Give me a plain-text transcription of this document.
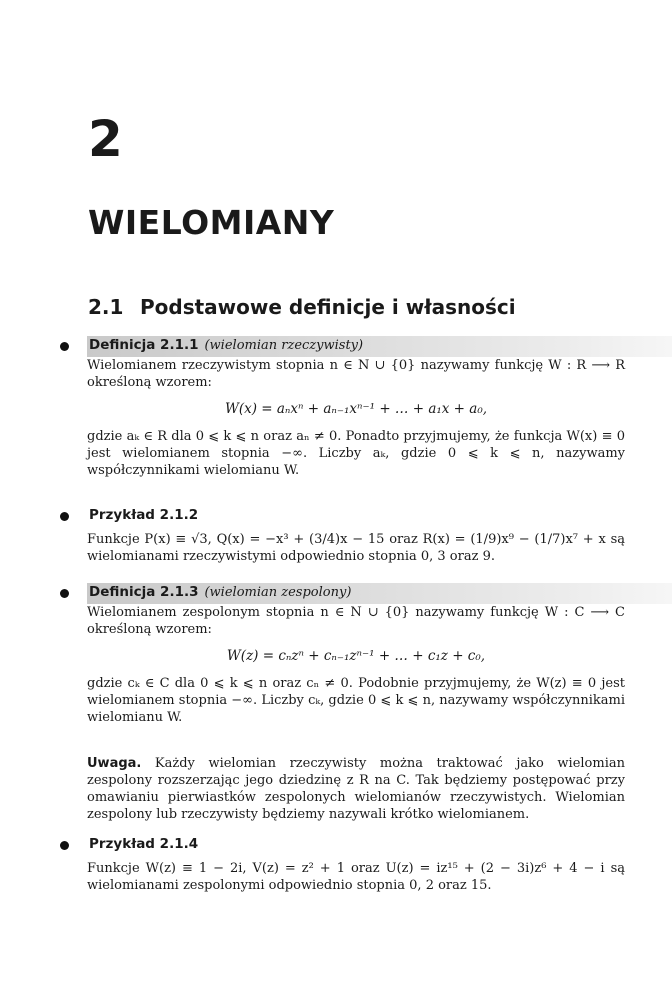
2
WIELOMIANY
2.1 Podstawowe definicje i własności
Definicja 2.1.1 (wielomian rzeczywisty)

Wielomianem rzeczywistym stopnia n ∈ N ∪ {0} nazywamy funkcję W : R ⟶ R określoną wzorem:

W(x) = aₙxⁿ + aₙ₋₁xⁿ⁻¹ + … + a₁x + a₀,

gdzie aₖ ∈ R dla 0 ⩽ k ⩽ n oraz aₙ ≠ 0. Ponadto przyjmujemy, że funkcja W(x) ≡ 0 jest wielomianem stopnia −∞. Liczby aₖ, gdzie 0 ⩽ k ⩽ n, nazywamy współczynnikami wielomianu W.

Przykład 2.1.2

Funkcje P(x) ≡ √3, Q(x) = −x³ + (3/4)x − 15 oraz R(x) = (1/9)x⁹ − (1/7)x⁷ + x są wielomianami rzeczywistymi odpowiednio stopnia 0, 3 oraz 9.

Definicja 2.1.3 (wielomian zespolony)

Wielomianem zespolonym stopnia n ∈ N ∪ {0} nazywamy funkcję W : C ⟶ C określoną wzorem:

W(z) = cₙzⁿ + cₙ₋₁zⁿ⁻¹ + … + c₁z + c₀,

gdzie cₖ ∈ C dla 0 ⩽ k ⩽ n oraz cₙ ≠ 0. Podobnie przyjmujemy, że W(z) ≡ 0 jest wielomianem stopnia −∞. Liczby cₖ, gdzie 0 ⩽ k ⩽ n, nazywamy współczynnikami wielomianu W.

Uwaga. Każdy wielomian rzeczywisty można traktować jako wielomian zespolony rozszerzając jego dziedzinę z R na C. Tak będziemy postępować przy omawianiu pierwiastków zespolonych wielomianów rzeczywistych. Wielomian zespolony lub rzeczywisty będziemy nazywali krótko wielomianem.
Przykład 2.1.4

Funkcje W(z) ≡ 1 − 2i, V(z) = z² + 1 oraz U(z) = iz¹⁵ + (2 − 3i)z⁶ + 4 − i są wielomianami zespolonymi odpowiednio stopnia 0, 2 oraz 15.
